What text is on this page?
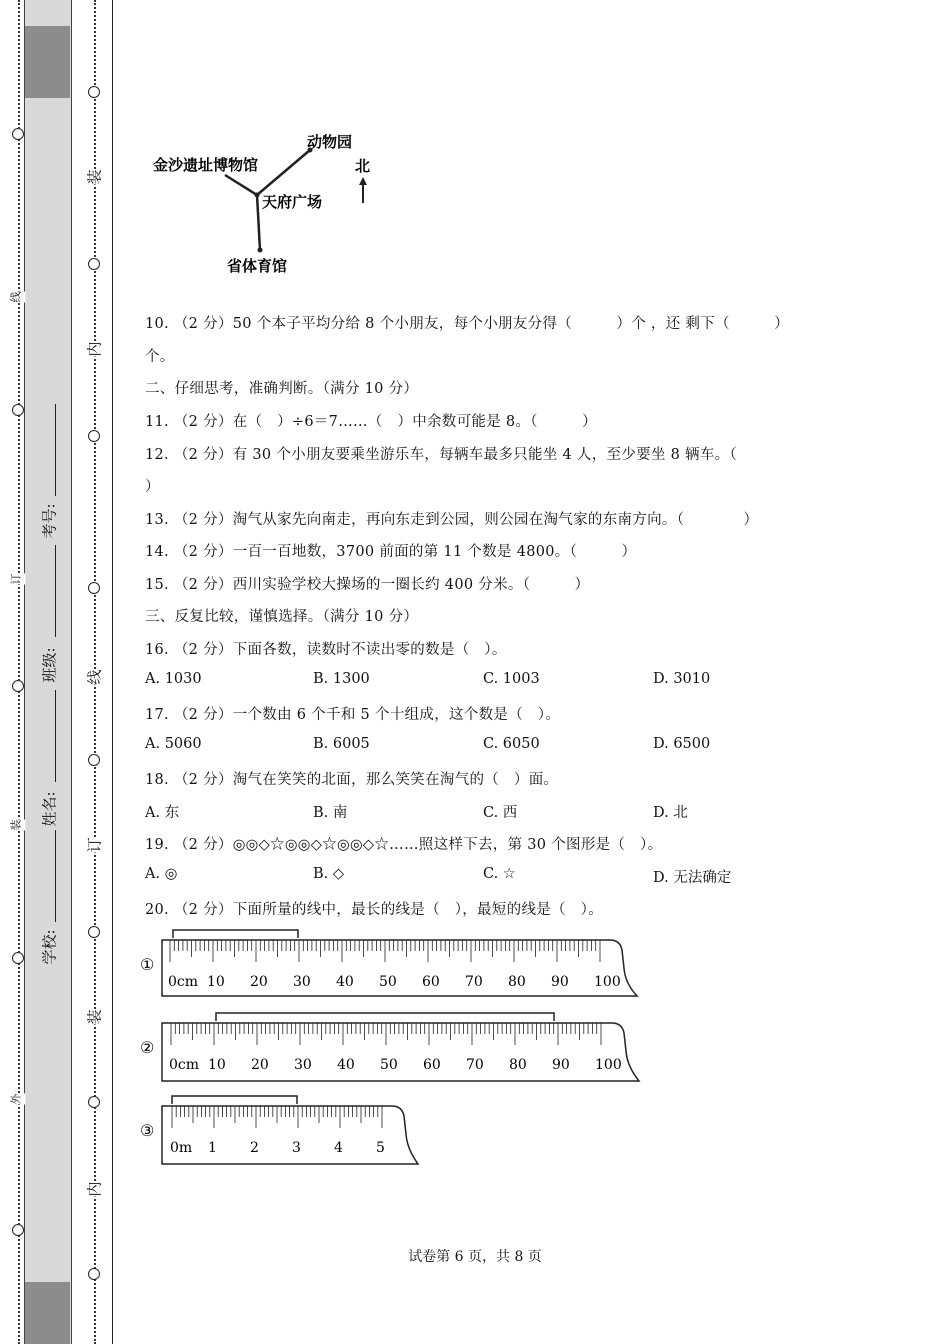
线
订
装
外
装
内
线
订
装
内
考号:
班级:
姓名:
学校:
金沙遗址博物馆
动物园
天府广场
省体育馆
北
10. （2 分）50 个本子平均分给 8 个小朋友，每个小朋友分得（　　　）个 ，还 剩下（　　　）
个。
二、仔细思考，准确判断。（满分 10 分）
11. （2 分）在（　）÷6＝7……（　）中余数可能是 8。（　　　）
12. （2 分）有 30 个小朋友要乘坐游乐车，每辆车最多只能坐 4 人，至少要坐 8 辆车。（
）
13. （2 分）淘气从家先向南走，再向东走到公园，则公园在淘气家的东南方向。（　　　　）
14. （2 分）一百一百地数，3700 前面的第 11 个数是 4800。（　　　）
15. （2 分）西川实验学校大操场的一圈长约 400 分米。（　　　）
三、反复比较，谨慎选择。（满分 10 分）
16. （2 分）下面各数，读数时不读出零的数是（　）。
A. 1030	B. 1300	C. 1003	D. 3010
17. （2 分）一个数由 6 个千和 5 个十组成，这个数是（　）。
A. 5060	B. 6005	C. 6050	D. 6500
18. （2 分）淘气在笑笑的北面，那么笑笑在淘气的（　）面。
A. 东	B. 南	C. 西	D. 北
19. （2 分）◎◎◇☆◎◎◇☆◎◎◇☆……照这样下去，第 30 个图形是（　）。
A. ◎	B. ◇	C. ☆	D. 无法确定
20. （2 分）下面所量的线中，最长的线是（　），最短的线是（　）。
①
0cm 10 20 30 40 50 60 70 80 90 100
②
0cm 10 20 30 40 50 60 70 80 90 100
③
0m 1 2 3 4 5
试卷第 6 页，共 8 页
